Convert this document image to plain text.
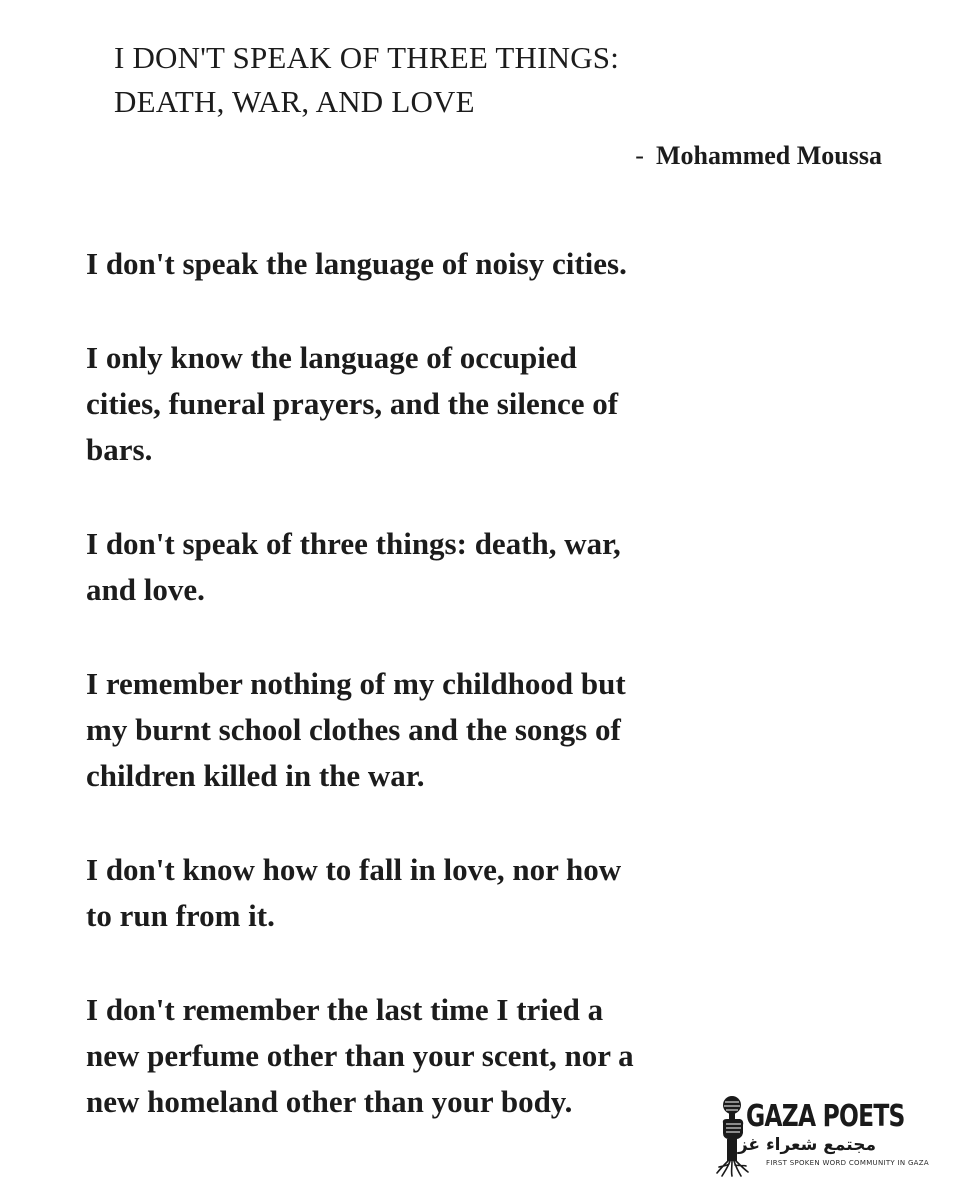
I DON'T SPEAK OF THREE THINGS:
DEATH, WAR, AND LOVE
- Mohammed Moussa

I don't speak the language of noisy cities.

I only know the language of occupied
cities, funeral prayers, and the silence of
bars.

I don't speak of three things: death, war,
and love.

I remember nothing of my childhood but
my burnt school clothes and the songs of
children killed in the war.

I don't know how to fall in love, nor how
to run from it.

I don't remember the last time I tried a
new perfume other than your scent, nor a
new homeland other than your body.	GAZA POETS
مجتمع شعراء غزة
FIRST SPOKEN WORD COMMUNITY IN GAZA
